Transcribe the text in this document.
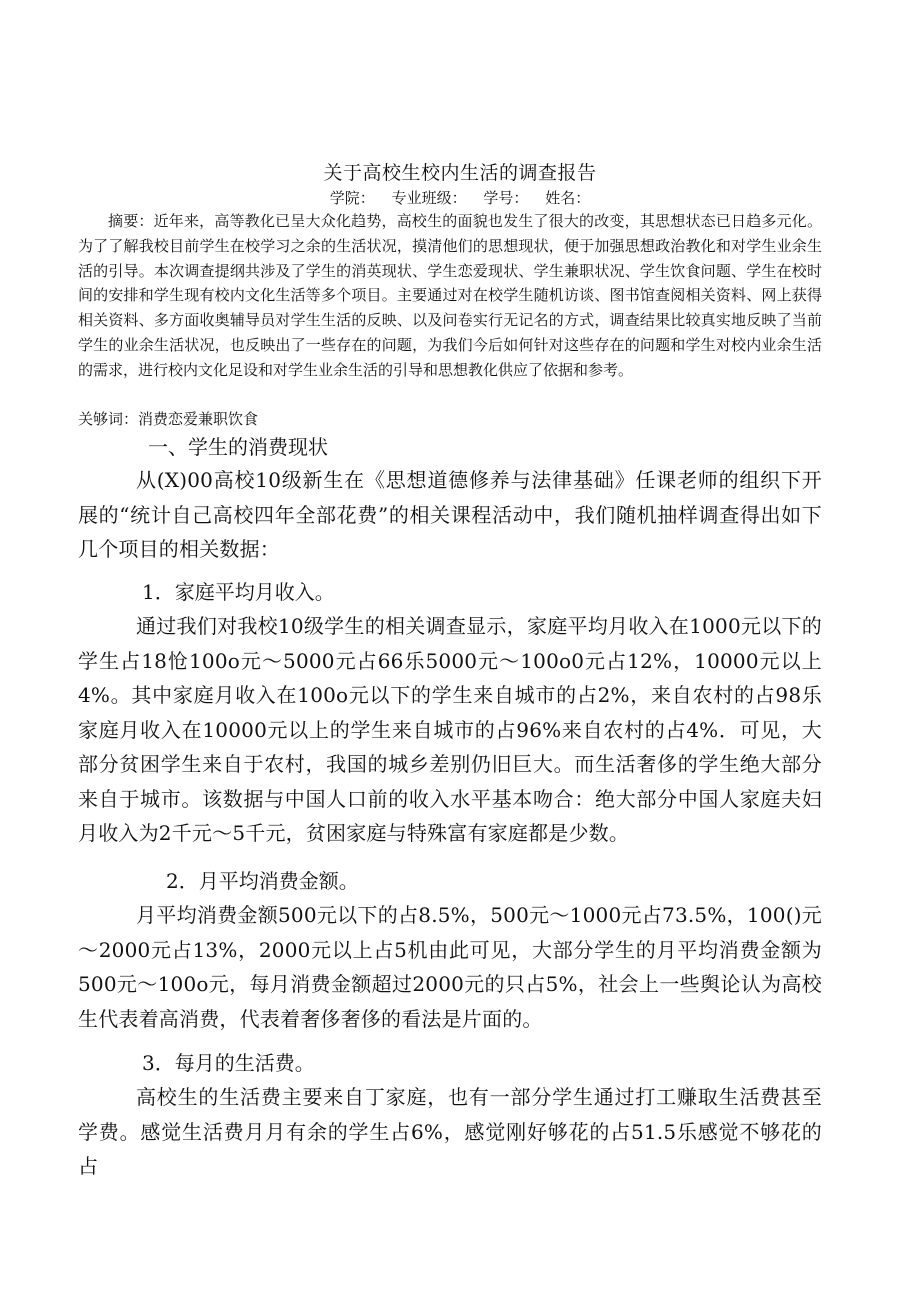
关于高校生校内生活的调查报告
学院： 专业班级： 学号： 姓名：
摘要：近年来，高等教化已呈大众化趋势，高校生的面貌也发生了很大的改变，其思想状态已日趋多元化。为了了解我校目前学生在校学习之余的生活状况，摸清他们的思想现状，便于加强思想政治教化和对学生业余生活的引导。本次调查提纲共涉及了学生的消英现状、学生恋爱现状、学生兼职状况、学生饮食问题、学生在校时间的安排和学生现有校内文化生活等多个项目。主要通过对在校学生随机访谈、图书馆查阅相关资料、网上获得相关资料、多方面收奥辅导员对学生生活的反映、以及问卷实行无记名的方式，调查结果比较真实地反映了当前学生的业余生活状况，也反映出了一些存在的问题，为我们今后如何针对这些存在的问题和学生对校内业余生活的需求，进行校内文化足设和对学生业余生活的引导和思想教化供应了依据和参考。
关够词：消费恋爱兼职饮食
一、学生的消费现状
从(X)00高校10级新生在《思想道德修养与法律基础》任课老师的组织下开展的“统计自己高校四年全部花费”的相关课程活动中，我们随机抽样调查得出如下几个项目的相关数据：
1．家庭平均月收入。
通过我们对我校10级学生的相关调查显示，家庭平均月收入在1000元以下的学生占18怆100o元～5000元占66乐5000元～100o0元占12%，10000元以上4%。其中家庭月收入在100o元以下的学生来自城市的占2%，来自农村的占98乐家庭月收入在10000元以上的学生来自城市的占96%来自农村的占4%．可见，大部分贫困学生来自于农村，我国的城乡差别仍旧巨大。而生活奢侈的学生绝大部分来自于城市。该数据与中国人口前的收入水平基本吻合：绝大部分中国人家庭夫妇月收入为2千元～5千元，贫困家庭与特殊富有家庭都是少数。
2．月平均消费金额。
月平均消费金额500元以下的占8.5%，500元～1000元占73.5%，100()元～2000元占13%，2000元以上占5机由此可见，大部分学生的月平均消费金额为500元～100o元，每月消费金额超过2000元的只占5%，社会上一些舆论认为高校生代表着高消费，代表着奢侈奢侈的看法是片面的。
3．每月的生活费。
高校生的生活费主要来自丁家庭，也有一部分学生通过打工赚取生活费甚至学费。感觉生活费月月有余的学生占6%，感觉刚好够花的占51.5乐感觉不够花的占
